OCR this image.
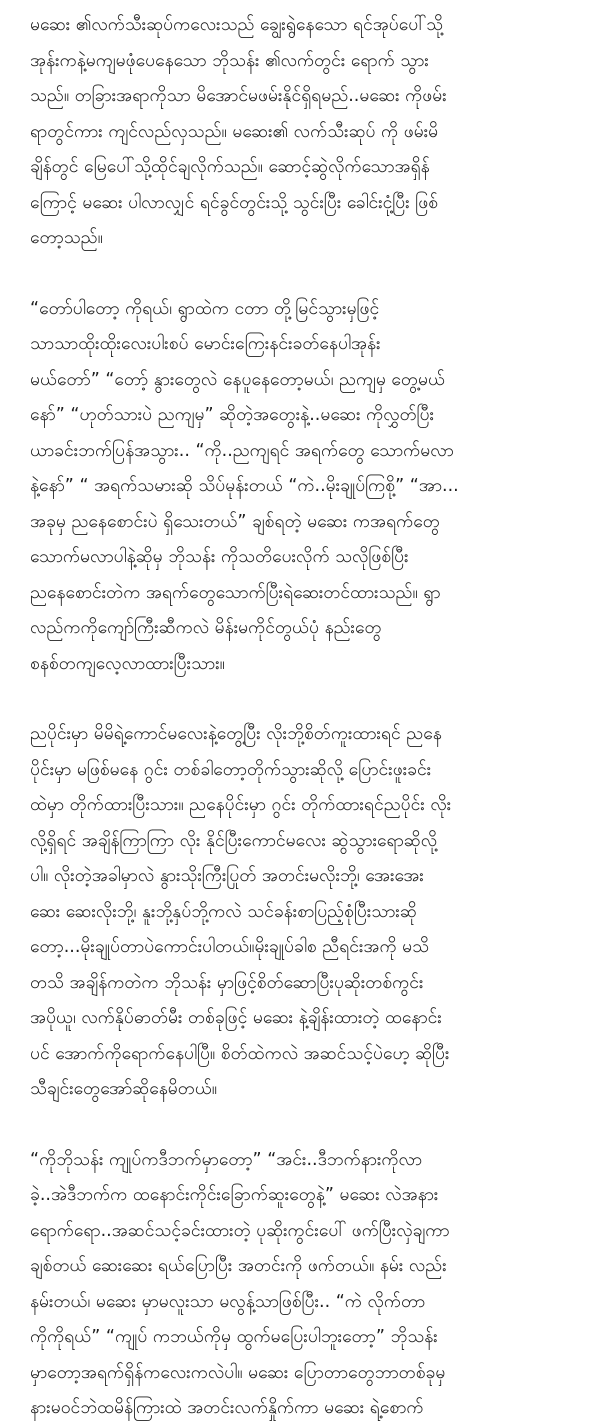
မဆေး ၏လက်သီးဆုပ်ကလေးသည် ချွေးရွဲနေသော ရင်အုပ်ပေါ်သို့
အုန်းကနဲ့မကျမဖုံပေနေသော ဘိုသန်း ၏လက်တွင်း ရောက် သွား
သည်။ တခြားအရာကိုသာ မိအောင်မဖမ်းနိုင်ရှိရမည်..မဆေး ကိုဖမ်း
ရာတွင်ကား ကျင်လည်လှသည်။ မဆေး၏ လက်သီးဆုပ် ကို ဖမ်းမိ
ချိန်တွင် မြေပေါ်သို့ထိုင်ချလိုက်သည်။ ဆောင့်ဆွဲလိုက်သောအရှိန်
ကြောင့် မဆေး ပါလာလျှင် ရင်ခွင်တွင်းသို့ သွင်းပြီး ခေါင်းငုံ့ပြီး ဖြစ်
တော့သည်။
“တော်ပါတော့ ကိုရယ်၊ ရွာထဲက ငတာ တို့မြင်သွားမှဖြင့်
သာသာထိုးထိုးလေးပါးစပ် မောင်းကြေးနင်းခတ်နေပါအုန်း
မယ်တော်” “တော့် နွားတွေလဲ နေပူနေတော့မယ်၊ ညကျမှ တွေ့မယ်
နော်” “ဟုတ်သားပဲ ညကျမှ” ဆိုတဲ့အတွေးနဲ့..မဆေး ကိုလွှတ်ပြီး
ယာခင်းဘက်ပြန်အသွား.. “ကို..ညကျရင် အရက်တွေ သောက်မလာ
နဲ့နော်” “ အရက်သမားဆို သိပ်မုန်းတယ် “ကဲ..မိုးချုပ်ကြစို့” “အာ...
အခုမှ ညနေစောင်းပဲ ရှိသေးတယ်” ချစ်ရတဲ့ မဆေး ကအရက်တွေ
သောက်မလာပါနဲ့ဆိုမှ ဘိုသန်း ကိုသတိပေးလိုက် သလိုဖြစ်ပြီး
ညနေစောင်းတဲက အရက်တွေသောက်ပြီးရဲဆေးတင်ထားသည်။ ရွာ
လည်ကကိုကျော်ကြီးဆီကလဲ မိန်းမကိုင်တွယ်ပုံ နည်းတွေ
စနစ်တကျလေ့လာထားပြီးသား။
ညပိုင်းမှာ မိမိရဲ့ကောင်မလေးနဲ့တွေ့ပြီး လိုးဘို့စိတ်ကူးထားရင် ညနေ
ပိုင်းမှာ မဖြစ်မနေ ဂွင်း တစ်ခါတော့တိုက်သွားဆိုလို့ ပြောင်းဖူးခင်း
ထဲမှာ တိုက်ထားပြီးသား။ ညနေပိုင်းမှာ ဂွင်း တိုက်ထားရင်ညပိုင်း လိုး
လို့ရှိရင် အချိန်ကြာကြာ လိုး နိုင်ပြီးကောင်မလေး ဆွဲသွားရောဆိုလို့
ပါ။ လိုးတဲ့အခါမှာလဲ နွားသိုးကြီးပြုတ် အတင်းမလိုးဘို့၊ အေးအေး
ဆေး ဆေးလိုးဘို့၊ နူးဘို့နှပ်ဘို့ကလဲ သင်ခန်းစာပြည့်စုံပြီးသားဆို
တော့...မိုးချုပ်တာပဲကောင်းပါတယ်။မိုးချုပ်ခါစ ညီရင်းအကို မသိ
တသိ အချိန်ကတဲက ဘိုသန်း မှာဖြင့်စိတ်ဆောပြီးပုဆိုးတစ်ကွင်း
အပိုယူ၊ လက်နိုပ်ဓာတ်မီး တစ်ခုဖြင့် မဆေး နဲ့ချိန်းထားတဲ့ ထနောင်း
ပင် အောက်ကိုရောက်နေပါပြီ။ စိတ်ထဲကလဲ အဆင်သင့်ပဲဟေ့ ဆိုပြီး
သီချင်းတွေအော်ဆိုနေမိတယ်။
“ကိုဘိုသန်း ကျုပ်ကဒီဘက်မှာတော့” “အင်း..ဒီဘက်နားကိုလာ
ခဲ့..အဲဒီဘက်က ထနောင်းကိုင်းခြောက်ဆူးတွေနဲ့” မဆေး လဲအနား
ရောက်ရော..အဆင်သင့်ခင်းထားတဲ့ ပုဆိုးကွင်းပေါ် ဖက်ပြီးလှဲချကာ
ချစ်တယ် ဆေးဆေး ရယ်ပြောပြီး အတင်းကို ဖက်တယ်။ နမ်း လည်း
နမ်းတယ်၊ မဆေး မှာမလူးသာ မလွန့်သာဖြစ်ပြီး.. “ကဲ လိုက်တာ
ကိုကိုရယ်” “ကျုပ် ကဘယ်ကိုမှ ထွက်မပြေးပါဘူးတော့” ဘိုသန်း
မှာတော့အရက်ရှိန်ကလေးကလဲပါ။ မဆေး ပြောတာတွေဘာတစ်ခုမှ
နားမဝင်ဘဲထမိန်ကြားထဲ အတင်းလက်နှိုက်ကာ မဆေး ရဲ့စောက်
